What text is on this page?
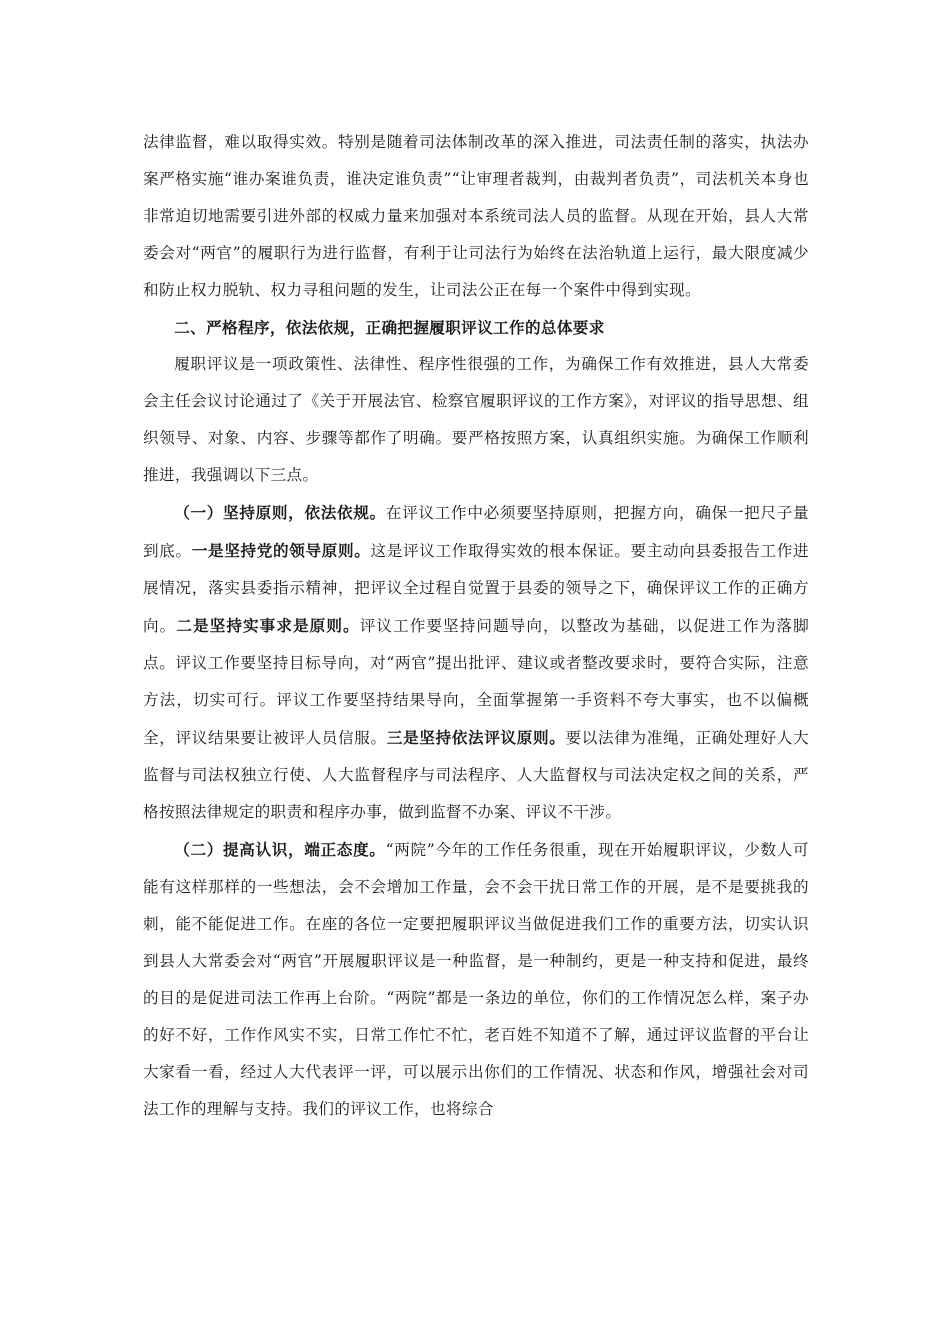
法律监督，难以取得实效。特别是随着司法体制改革的深入推进，司法责任制的落实，执法办案严格实施“谁办案谁负责，谁决定谁负责”“让审理者裁判，由裁判者负责”，司法机关本身也非常迫切地需要引进外部的权威力量来加强对本系统司法人员的监督。从现在开始，县人大常委会对“两官”的履职行为进行监督，有利于让司法行为始终在法治轨道上运行，最大限度减少和防止权力脱轨、权力寻租问题的发生，让司法公正在每一个案件中得到实现。

二、严格程序，依法依规，正确把握履职评议工作的总体要求

履职评议是一项政策性、法律性、程序性很强的工作，为确保工作有效推进，县人大常委会主任会议讨论通过了《关于开展法官、检察官履职评议的工作方案》，对评议的指导思想、组织领导、对象、内容、步骤等都作了明确。要严格按照方案，认真组织实施。为确保工作顺利推进，我强调以下三点。

（一）坚持原则，依法依规。在评议工作中必须要坚持原则，把握方向，确保一把尺子量到底。一是坚持党的领导原则。这是评议工作取得实效的根本保证。要主动向县委报告工作进展情况，落实县委指示精神，把评议全过程自觉置于县委的领导之下，确保评议工作的正确方向。二是坚持实事求是原则。评议工作要坚持问题导向，以整改为基础，以促进工作为落脚点。评议工作要坚持目标导向，对“两官”提出批评、建议或者整改要求时，要符合实际，注意方法，切实可行。评议工作要坚持结果导向，全面掌握第一手资料不夸大事实，也不以偏概全，评议结果要让被评人员信服。三是坚持依法评议原则。要以法律为准绳，正确处理好人大监督与司法权独立行使、人大监督程序与司法程序、人大监督权与司法决定权之间的关系，严格按照法律规定的职责和程序办事，做到监督不办案、评议不干涉。

（二）提高认识，端正态度。“两院”今年的工作任务很重，现在开始履职评议，少数人可能有这样那样的一些想法，会不会增加工作量，会不会干扰日常工作的开展，是不是要挑我的刺，能不能促进工作。在座的各位一定要把履职评议当做促进我们工作的重要方法，切实认识到县人大常委会对“两官”开展履职评议是一种监督，是一种制约，更是一种支持和促进，最终的目的是促进司法工作再上台阶。“两院”都是一条边的单位，你们的工作情况怎么样，案子办的好不好，工作作风实不实，日常工作忙不忙，老百姓不知道不了解，通过评议监督的平台让大家看一看，经过人大代表评一评，可以展示出你们的工作情况、状态和作风，增强社会对司法工作的理解与支持。我们的评议工作，也将综合
